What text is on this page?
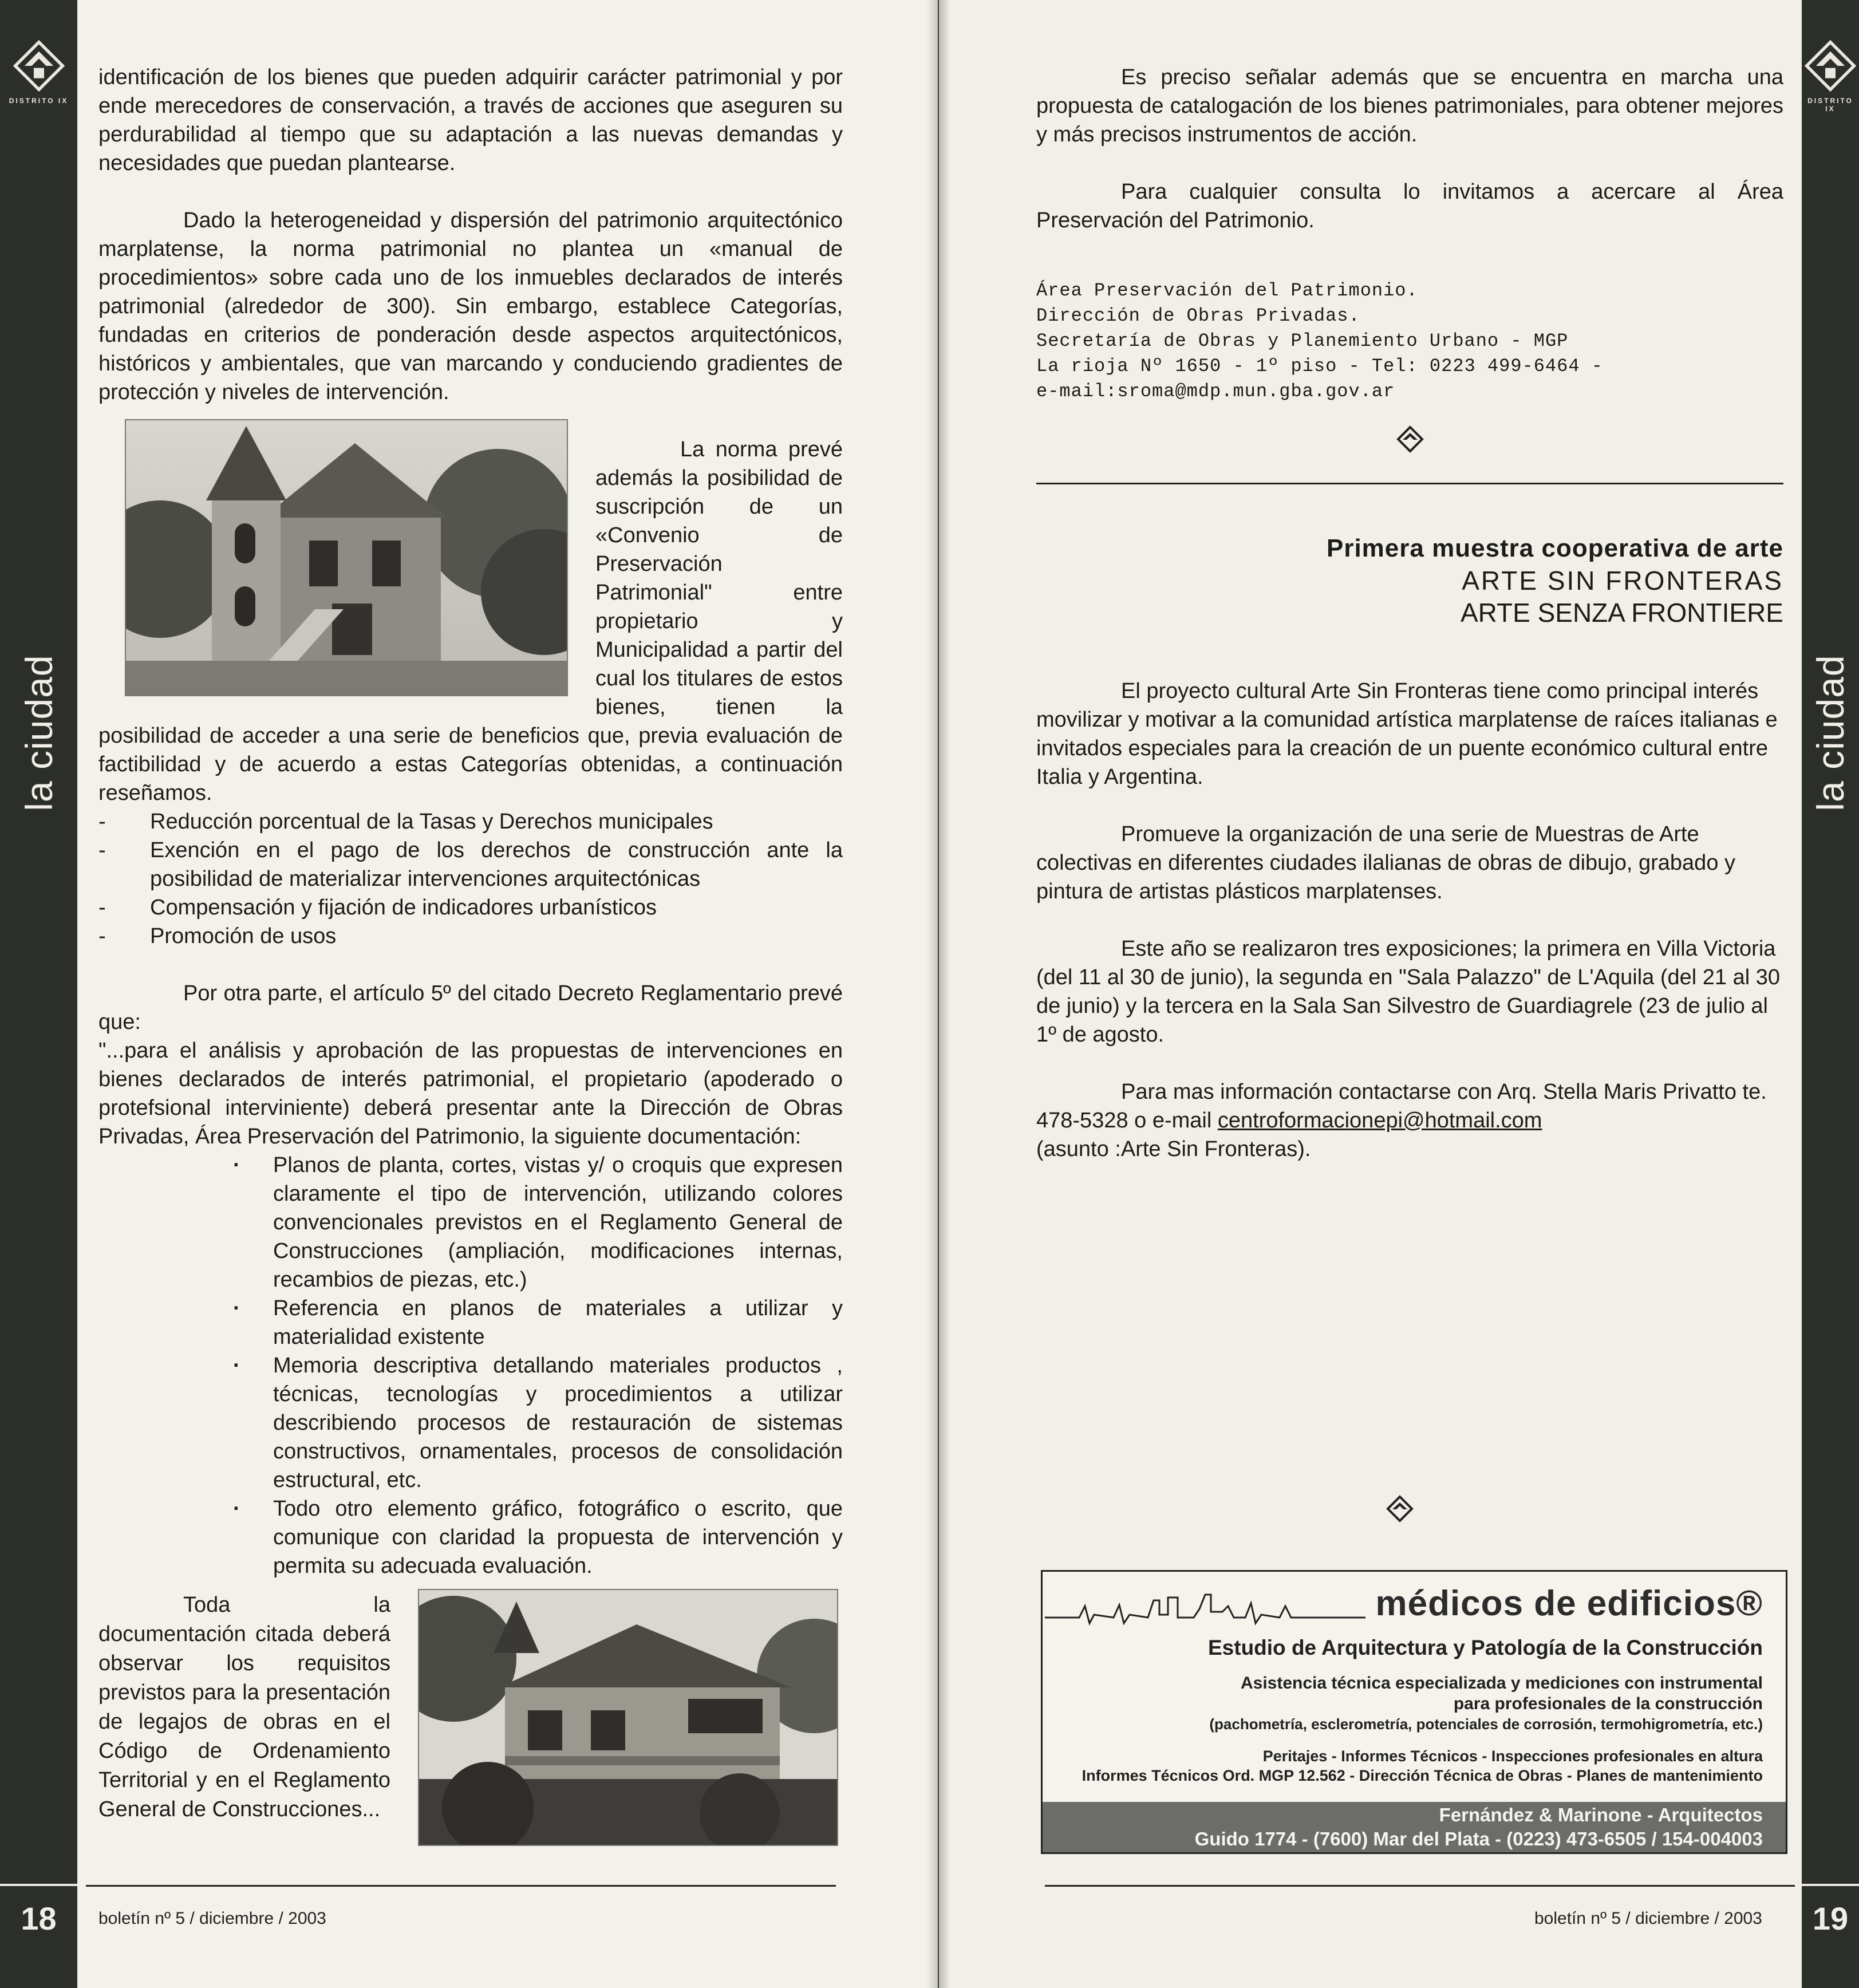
DISTRITO IX
la ciudad
18

identificación de los bienes que pueden adquirir carácter patrimonial y por ende merecedores de conservación, a través de acciones que aseguren su perdurabilidad al tiempo que su adaptación a las nuevas demandas y necesidades que puedan plantearse.

Dado la heterogeneidad y dispersión del patrimonio arquitectónico marplatense, la norma patrimonial no plantea un «manual de procedimientos» sobre cada uno de los inmuebles declarados de interés patrimonial (alrededor de 300). Sin embargo, establece Categorías, fundadas en criterios de ponderación desde aspectos arquitectónicos, históricos y ambientales, que van marcando y conduciendo gradientes de protección y niveles de intervención.

La norma prevé además la posibilidad de suscripción de un «Convenio de Preservación Patrimonial" entre propietario y Municipalidad a partir del cual los titulares de estos bienes, tienen la posibilidad de acceder a una serie de beneficios que, previa evaluación de factibilidad y de acuerdo a estas Categorías obtenidas, a continuación reseñamos.

- Reducción porcentual de la Tasas y Derechos municipales
- Exención en el pago de los derechos de construcción ante la posibilidad de materializar intervenciones arquitectónicas
- Compensación y fijación de indicadores urbanísticos
- Promoción de usos

Por otra parte, el artículo 5º del citado Decreto Reglamentario prevé que:

"...para el análisis y aprobación de las propuestas de intervenciones en bienes declarados de interés patrimonial, el propietario (apoderado o protefsional interviniente) deberá presentar ante la Dirección de Obras Privadas, Área Preservación del Patrimonio, la siguiente documentación:

· Planos de planta, cortes, vistas y/ o croquis que expresen claramente el tipo de intervención, utilizando colores convencionales previstos en el Reglamento General de Construcciones (ampliación, modificaciones internas, recambios de piezas, etc.)
· Referencia en planos de materiales a utilizar y materialidad existente
· Memoria descriptiva detallando materiales productos , técnicas, tecnologías y procedimientos a utilizar describiendo procesos de restauración de sistemas constructivos, ornamentales, procesos de consolidación estructural, etc.
· Todo otro elemento gráfico, fotográfico o escrito, que comunique con claridad la propuesta de intervención y permita su adecuada evaluación.
Toda la documentación citada deberá observar los requisitos previstos para la presentación de legajos de obras en el Código de Ordenamiento Territorial y en el Reglamento General de Construcciones...
boletín nº 5 / diciembre / 2003
DISTRITO IX
la ciudad
19

Es preciso señalar además que se encuentra en marcha una propuesta de catalogación de los bienes patrimoniales, para obtener mejores y más precisos instrumentos de acción.

Para cualquier consulta lo invitamos a acercare al Área Preservación del Patrimonio.

Área Preservación del Patrimonio.
Dirección de Obras Privadas.
Secretaría de Obras y Planemiento Urbano - MGP
La rioja Nº 1650 - 1º piso - Tel: 0223 499-6464 -
e-mail:sroma@mdp.mun.gba.gov.ar
Primera muestra cooperativa de arte
ARTE SIN FRONTERAS
ARTE SENZA FRONTIERE

El proyecto cultural Arte Sin Fronteras tiene como principal interés movilizar y motivar a la comunidad artística marplatense de raíces italianas e invitados especiales para la creación de un puente económico cultural entre Italia y Argentina.

Promueve la organización de una serie de Muestras de Arte colectivas en diferentes ciudades ilalianas de obras de dibujo, grabado y pintura de artistas plásticos marplatenses.

Este año se realizaron tres exposiciones; la primera en Villa Victoria (del 11 al 30 de junio), la segunda en "Sala Palazzo" de L'Aquila (del 21 al 30 de junio) y la tercera en la Sala San Silvestro de Guardiagrele (23 de julio al 1º de agosto.

Para mas información contactarse con Arq. Stella Maris Privatto te. 478-5328 o e-mail centroformacionepi@hotmail.com
(asunto :Arte Sin Fronteras).

médicos de edificios®
Estudio de Arquitectura y Patología de la Construcción
Asistencia técnica especializada y mediciones con instrumental
para profesionales de la construcción
(pachometría, esclerometría, potenciales de corrosión, termohigrometría, etc.)
Peritajes - Informes Técnicos - Inspecciones profesionales en altura
Informes Técnicos Ord. MGP 12.562 - Dirección Técnica de Obras - Planes de mantenimiento
Fernández & Marinone - Arquitectos
Guido 1774 - (7600) Mar del Plata - (0223) 473-6505 / 154-004003
boletín nº 5 / diciembre / 2003
